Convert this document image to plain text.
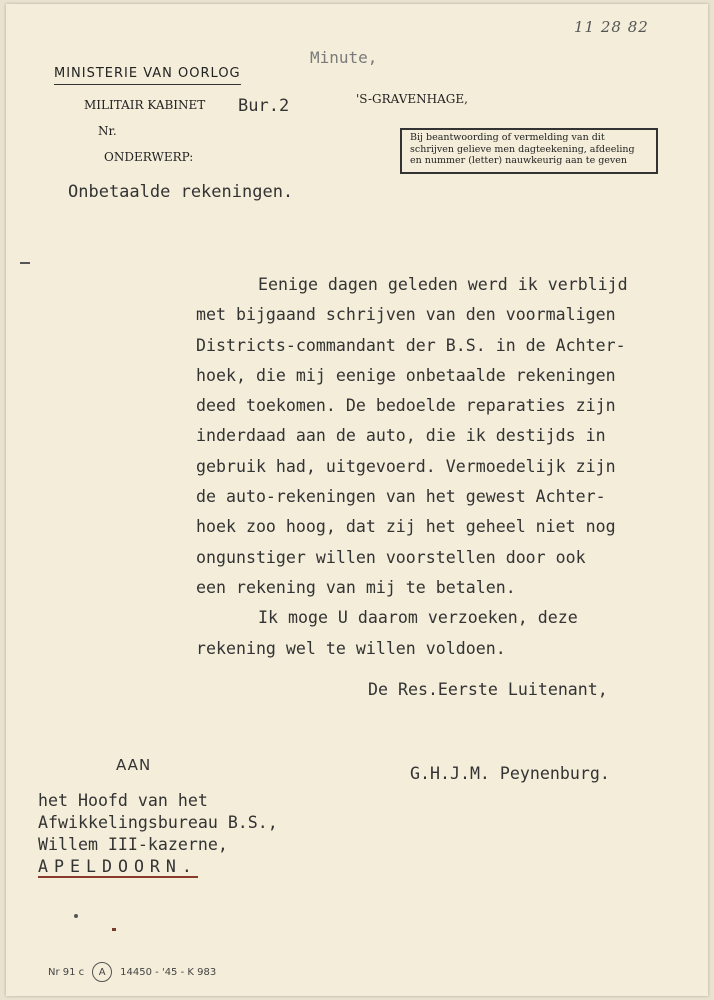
11 28 82
Minute,
MINISTERIE VAN OORLOG
'S-GRAVENHAGE,
MILITAIR KABINET Bur.2
Nr.
ONDERWERP:
Bij beantwoording of vermelding van dit
schrijven gelieve men dagteekening, afdeeling
en nummer (letter) nauwkeurig aan te geven
Onbetaalde rekeningen.
Eenige dagen geleden werd ik verblijd
met bijgaand schrijven van den voormaligen
Districts-commandant der B.S. in de Achter-
hoek, die mij eenige onbetaalde rekeningen
deed toekomen. De bedoelde reparaties zijn
inderdaad aan de auto, die ik destijds in
gebruik had, uitgevoerd. Vermoedelijk zijn
de auto-rekeningen van het gewest Achter-
hoek zoo hoog, dat zij het geheel niet nog
ongunstiger willen voorstellen door ook
een rekening van mij te betalen.
Ik moge U daarom verzoeken, deze
rekening wel te willen voldoen.
De Res.Eerste Luitenant,
AAN	G.H.J.M. Peynenburg.
het Hoofd van het
Afwikkelingsbureau B.S.,
Willem III-kazerne,
APELDOORN.
Nr 91 c A 14450 - '45 - K 983
